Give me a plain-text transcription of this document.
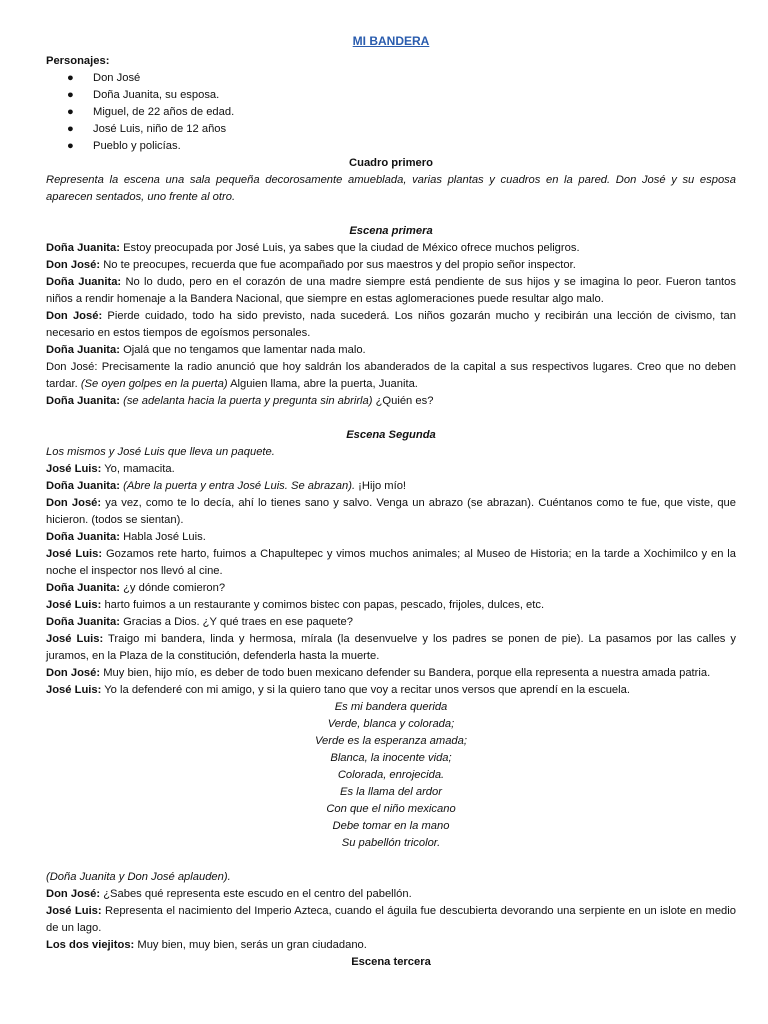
MI BANDERA
Personajes:
● Don José
● Doña Juanita, su esposa.
● Miguel, de 22 años de edad.
● José Luis, niño de 12 años
● Pueblo y policías.
Cuadro primero
Representa la escena una sala pequeña decorosamente amueblada, varias plantas y cuadros en la pared. Don José y su esposa aparecen sentados, uno frente al otro.
Escena primera
Doña Juanita: Estoy preocupada por José Luis, ya sabes que la ciudad de México ofrece muchos peligros.
Don José: No te preocupes, recuerda que fue acompañado por sus maestros y del propio señor inspector.
Doña Juanita: No lo dudo, pero en el corazón de una madre siempre está pendiente de sus hijos y se imagina lo peor. Fueron tantos niños a rendir homenaje a la Bandera Nacional, que siempre en estas aglomeraciones puede resultar algo malo.
Don José: Pierde cuidado, todo ha sido previsto, nada sucederá. Los niños gozarán mucho y recibirán una lección de civismo, tan necesario en estos tiempos de egoísmos personales.
Doña Juanita: Ojalá que no tengamos que lamentar nada malo.
Don José: Precisamente la radio anunció que hoy saldrán los abanderados de la capital a sus respectivos lugares. Creo que no deben tardar. (Se oyen golpes en la puerta) Alguien llama, abre la puerta, Juanita.
Doña Juanita: (se adelanta hacia la puerta y pregunta sin abrirla) ¿Quién es?
Escena Segunda
Los mismos y José Luis que lleva un paquete.
José Luis: Yo, mamacita.
Doña Juanita: (Abre la puerta y entra José Luis. Se abrazan). ¡Hijo mío!
Don José: ya vez, como te lo decía, ahí lo tienes sano y salvo. Venga un abrazo (se abrazan). Cuéntanos como te fue, que viste, que hicieron. (todos se sientan).
Doña Juanita: Habla José Luis.
José Luis: Gozamos rete harto, fuimos a Chapultepec y vimos muchos animales; al Museo de Historia; en la tarde a Xochimilco y en la noche el inspector nos llevó al cine.
Doña Juanita: ¿y dónde comieron?
José Luis: harto fuimos a un restaurante y comimos bistec con papas, pescado, frijoles, dulces, etc.
Doña Juanita: Gracias a Dios. ¿Y qué traes en ese paquete?
José Luis: Traigo mi bandera, linda y hermosa, mírala (la desenvuelve y los padres se ponen de pie). La pasamos por las calles y juramos, en la Plaza de la constitución, defenderla hasta la muerte.
Don José: Muy bien, hijo mío, es deber de todo buen mexicano defender su Bandera, porque ella representa a nuestra amada patria.
José Luis: Yo la defenderé con mi amigo, y si la quiero tano que voy a recitar unos versos que aprendí en la escuela.
Es mi bandera querida
Verde, blanca y colorada;
Verde es la esperanza amada;
Blanca, la inocente vida;
Colorada, enrojecida.
Es la llama del ardor
Con que el niño mexicano
Debe tomar en la mano
Su pabellón tricolor.
(Doña Juanita y Don José aplauden).
Don José: ¿Sabes qué representa este escudo en el centro del pabellón.
José Luis: Representa el nacimiento del Imperio Azteca, cuando el águila fue descubierta devorando una serpiente en un islote en medio de un lago.
Los dos viejitos: Muy bien, muy bien, serás un gran ciudadano.
Escena tercera
